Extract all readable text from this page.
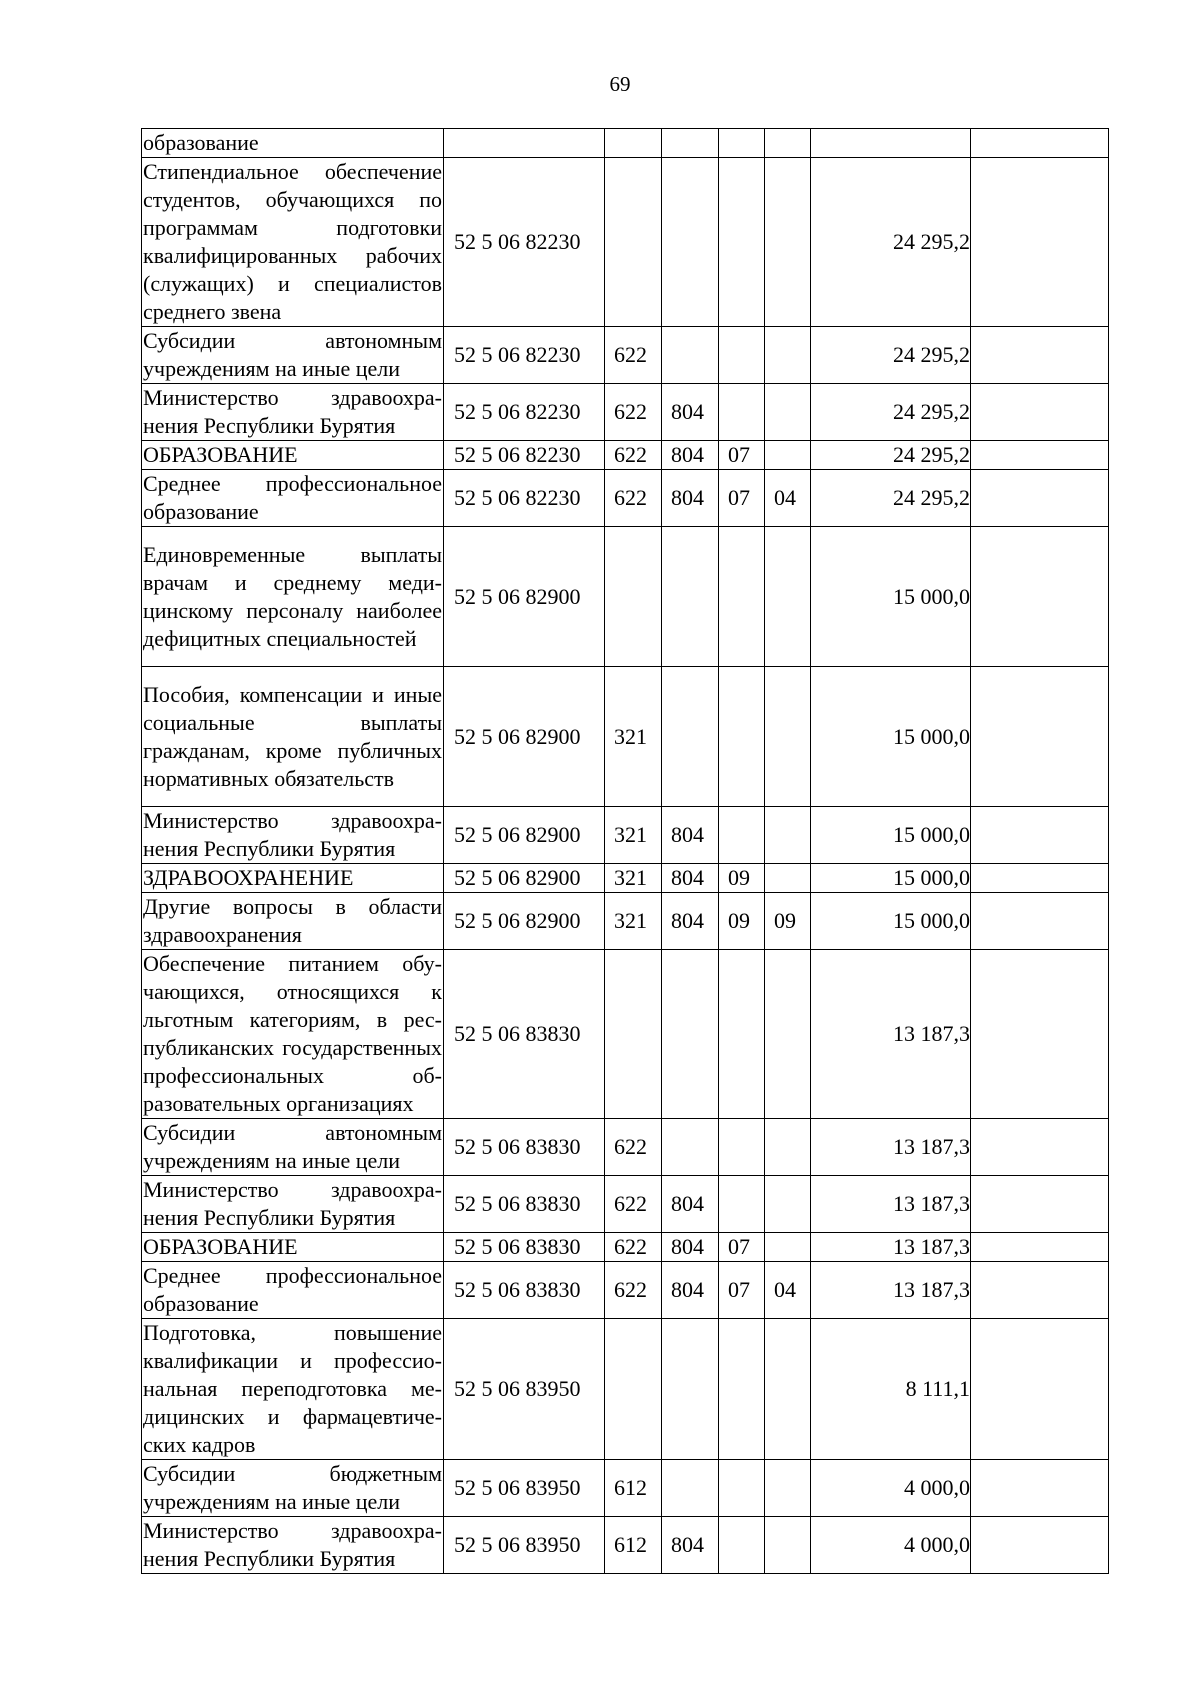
69
образование							
Стипендиальное обеспечение студентов, обучающихся по программам подготовки квалифицированных рабочих (служащих) и специалистов среднего звена	52 5 06 82230					24 295,2	
Субсидии автономным учреждениям на иные цели	52 5 06 82230	622				24 295,2	
Министерство здравоохранения Республики Бурятия	52 5 06 82230	622	804			24 295,2	
ОБРАЗОВАНИЕ	52 5 06 82230	622	804	07		24 295,2	
Среднее профессиональное образование	52 5 06 82230	622	804	07	04	24 295,2	
Единовременные выплаты врачам и среднему медицинскому персоналу наиболее дефицитных специальностей	52 5 06 82900					15 000,0	
Пособия, компенсации и иные социальные выплаты гражданам, кроме публичных нормативных обязательств	52 5 06 82900	321				15 000,0	
Министерство здравоохранения Республики Бурятия	52 5 06 82900	321	804			15 000,0	
ЗДРАВООХРАНЕНИЕ	52 5 06 82900	321	804	09		15 000,0	
Другие вопросы в области здравоохранения	52 5 06 82900	321	804	09	09	15 000,0	
Обеспечение питанием обучающихся, относящихся к льготным категориям, в республиканских государственных профессиональных образовательных организациях	52 5 06 83830					13 187,3	
Субсидии автономным учреждениям на иные цели	52 5 06 83830	622				13 187,3	
Министерство здравоохранения Республики Бурятия	52 5 06 83830	622	804			13 187,3	
ОБРАЗОВАНИЕ	52 5 06 83830	622	804	07		13 187,3	
Среднее профессиональное образование	52 5 06 83830	622	804	07	04	13 187,3	
Подготовка, повышение квалификации и профессиональная переподготовка медицинских и фармацевтических кадров	52 5 06 83950					8 111,1	
Субсидии бюджетным учреждениям на иные цели	52 5 06 83950	612				4 000,0	
Министерство здравоохранения Республики Бурятия	52 5 06 83950	612	804			4 000,0	
